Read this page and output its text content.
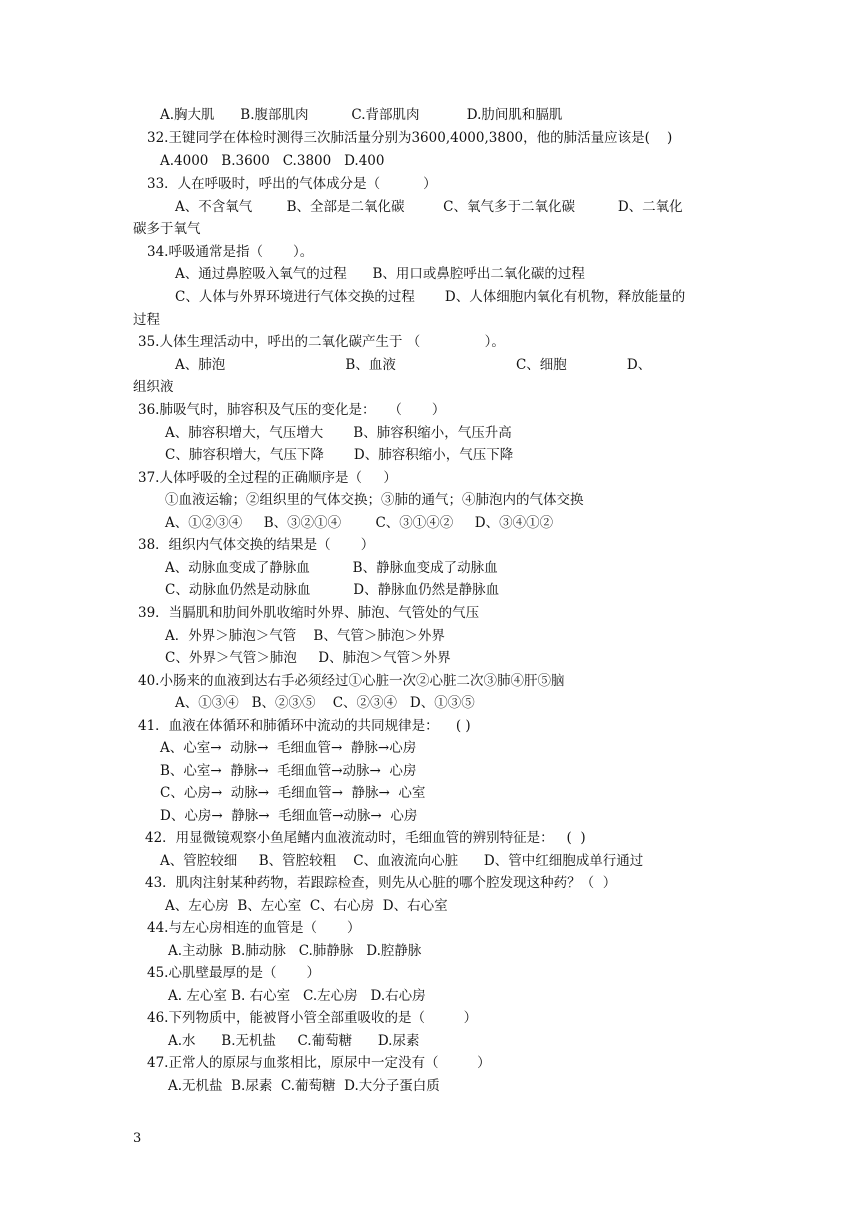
A.胸大肌      B.腹部肌肉          C.背部肌肉           D.肋间肌和膈肌
32.王键同学在体检时测得三次肺活量分别为3600,4000,3800，他的肺活量应该是(    )
A.4000   B.3600   C.3800   D.400
33．人在呼吸时，呼出的气体成分是（          ）
A、不含氧气        B、全部是二氧化碳         C、氧气多于二氧化碳          D、二氧化
碳多于氧气
34.呼吸通常是指（       ）。
A、通过鼻腔吸入氧气的过程      B、用口或鼻腔呼出二氧化碳的过程
C、人体与外界环境进行气体交换的过程       D、人体细胞内氧化有机物，释放能量的
过程
35.人体生理活动中，呼出的二氧化碳产生于 （               ）。
A、肺泡                            B、血液                            C、细胞              D、
组织液
36.肺吸气时，肺容积及气压的变化是：   （       ）
A、肺容积增大，气压增大       B、肺容积缩小，气压升高
C、肺容积增大，气压下降       D、肺容积缩小，气压下降
37.人体呼吸的全过程的正确顺序是（     ）
①血液运输；②组织里的气体交换；③肺的通气；④肺泡内的气体交换
A、①②③④     B、③②①④        C、③①④②     D、③④①②
38．组织内气体交换的结果是（       ）
A、动脉血变成了静脉血          B、静脉血变成了动脉血
C、动脉血仍然是动脉血          D、静脉血仍然是静脉血
39．当膈肌和肋间外肌收缩时外界、肺泡、气管处的气压
A．外界＞肺泡＞气管    B、气管＞肺泡＞外界
C、外界＞气管＞肺泡     D、肺泡＞气管＞外界
40.小肠来的血液到达右手必须经过①心脏一次②心脏二次③肺④肝⑤脑
A、①③④   B、②③⑤    C、②③④   D、①③⑤
41．血液在体循环和肺循环中流动的共同规律是：    ( )
A、心室→  动脉→  毛细血管→  静脉→心房
B、心室→  静脉→  毛细血管→动脉→  心房
C、心房→  动脉→  毛细血管→  静脉→  心室
D、心房→  静脉→  毛细血管→动脉→  心房
42．用显微镜观察小鱼尾鳍内血液流动时，毛细血管的辨别特征是：   (  )
A、管腔较细     B、管腔较粗    C、血液流向心脏      D、管中红细胞成单行通过
43．肌肉注射某种药物，若跟踪检查，则先从心脏的哪个腔发现这种药？（  ）
A、左心房  B、左心室  C、右心房  D、右心室
44.与左心房相连的血管是（       ）
A.主动脉  B.肺动脉   C.肺静脉   D.腔静脉
45.心肌壁最厚的是（       ）
A. 左心室 B. 右心室   C.左心房   D.右心房
46.下列物质中，能被肾小管全部重吸收的是（         ）
A.水      B.无机盐     C.葡萄糖      D.尿素
47.正常人的原尿与血浆相比，原尿中一定没有（         ）
A.无机盐  B.尿素  C.葡萄糖  D.大分子蛋白质
3
